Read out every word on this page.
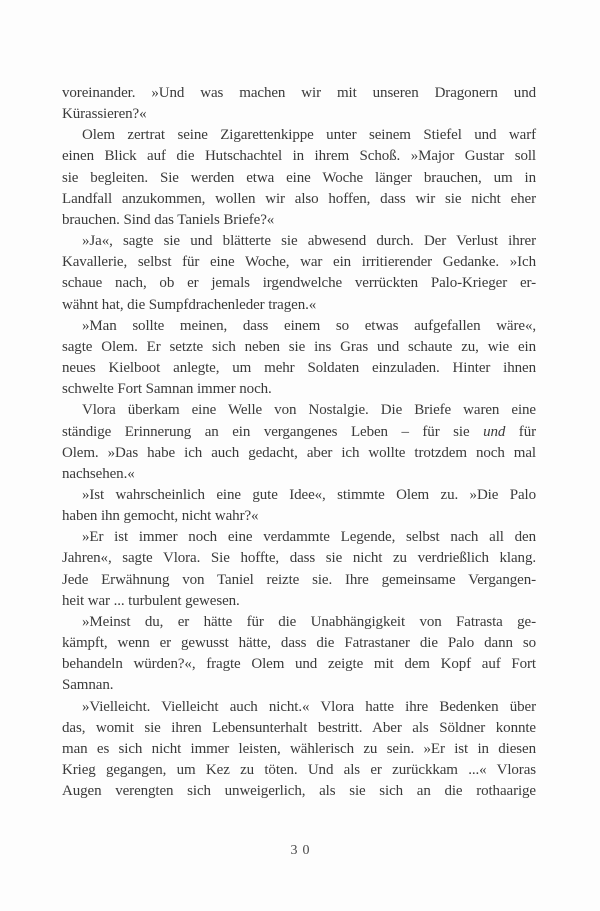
voreinander. »Und was machen wir mit unseren Dragonern und
Kürassieren?«
Olem zertrat seine Zigarettenkippe unter seinem Stiefel und warf
einen Blick auf die Hutschachtel in ihrem Schoß. »Major Gustar soll
sie begleiten. Sie werden etwa eine Woche länger brauchen, um in
Landfall anzukommen, wollen wir also hoffen, dass wir sie nicht eher
brauchen. Sind das Taniels Briefe?«
»Ja«, sagte sie und blätterte sie abwesend durch. Der Verlust ihrer
Kavallerie, selbst für eine Woche, war ein irritierender Gedanke. »Ich
schaue nach, ob er jemals irgendwelche verrückten Palo-Krieger er-
wähnt hat, die Sumpfdrachenleder tragen.«
»Man sollte meinen, dass einem so etwas aufgefallen wäre«,
sagte Olem. Er setzte sich neben sie ins Gras und schaute zu, wie ein
neues Kielboot anlegte, um mehr Soldaten einzuladen. Hinter ihnen
schwelte Fort Samnan immer noch.
Vlora überkam eine Welle von Nostalgie. Die Briefe waren eine
ständige Erinnerung an ein vergangenes Leben – für sie und für
Olem. »Das habe ich auch gedacht, aber ich wollte trotzdem noch mal
nachsehen.«
»Ist wahrscheinlich eine gute Idee«, stimmte Olem zu. »Die Palo
haben ihn gemocht, nicht wahr?«
»Er ist immer noch eine verdammte Legende, selbst nach all den
Jahren«, sagte Vlora. Sie hoffte, dass sie nicht zu verdrießlich klang.
Jede Erwähnung von Taniel reizte sie. Ihre gemeinsame Vergangen-
heit war ... turbulent gewesen.
»Meinst du, er hätte für die Unabhängigkeit von Fatrasta ge-
kämpft, wenn er gewusst hätte, dass die Fatrastaner die Palo dann so
behandeln würden?«, fragte Olem und zeigte mit dem Kopf auf Fort
Samnan.
»Vielleicht. Vielleicht auch nicht.« Vlora hatte ihre Bedenken über
das, womit sie ihren Lebensunterhalt bestritt. Aber als Söldner konnte
man es sich nicht immer leisten, wählerisch zu sein. »Er ist in diesen
Krieg gegangen, um Kez zu töten. Und als er zurückkam ...« Vloras
Augen verengten sich unweigerlich, als sie sich an die rothaarige
30
